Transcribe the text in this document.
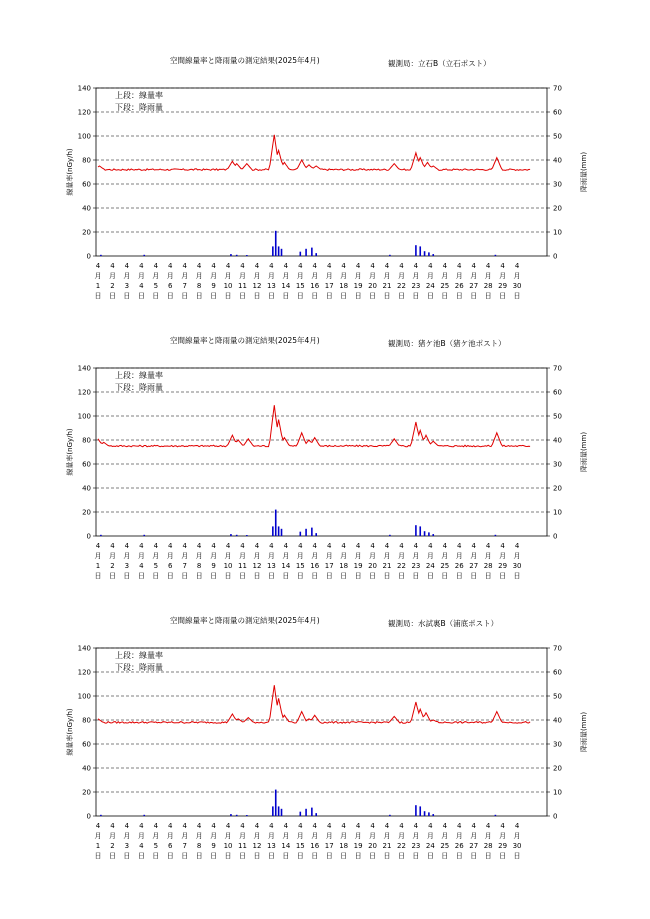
空間線量率と降雨量の測定結果(2025年4月)	観測局：立石B（立石ポスト）
0	0
20	10
40	20
60	30
80	40
100	50
120	60
140	70
上段：線量率
下段：降雨量
線量率(nGy/h)	降雨量(mm)
4
月
1
日
4
月
2
日
4
月
3
日
4
月
4
日
4
月
5
日
4
月
6
日
4
月
7
日
4
月
8
日
4
月
9
日
4
月
10
日
4
月
11
日
4
月
12
日
4
月
13
日
4
月
14
日
4
月
15
日
4
月
16
日
4
月
17
日
4
月
18
日
4
月
19
日
4
月
20
日
4
月
21
日
4
月
22
日
4
月
23
日
4
月
24
日
4
月
25
日
4
月
26
日
4
月
27
日
4
月
28
日
4
月
29
日
4
月
30
日
空間線量率と降雨量の測定結果(2025年4月)	観測局：猪ケ池B（猪ケ池ポスト）
0	0
20	10
40	20
60	30
80	40
100	50
120	60
140	70
上段：線量率
下段：降雨量
線量率(nGy/h)	降雨量(mm)
4
月
1
日
4
月
2
日
4
月
3
日
4
月
4
日
4
月
5
日
4
月
6
日
4
月
7
日
4
月
8
日
4
月
9
日
4
月
10
日
4
月
11
日
4
月
12
日
4
月
13
日
4
月
14
日
4
月
15
日
4
月
16
日
4
月
17
日
4
月
18
日
4
月
19
日
4
月
20
日
4
月
21
日
4
月
22
日
4
月
23
日
4
月
24
日
4
月
25
日
4
月
26
日
4
月
27
日
4
月
28
日
4
月
29
日
4
月
30
日
空間線量率と降雨量の測定結果(2025年4月)	観測局：水試裏B（浦底ポスト）
0	0
20	10
40	20
60	30
80	40
100	50
120	60
140	70
上段：線量率
下段：降雨量
線量率(nGy/h)	降雨量(mm)
4
月
1
日
4
月
2
日
4
月
3
日
4
月
4
日
4
月
5
日
4
月
6
日
4
月
7
日
4
月
8
日
4
月
9
日
4
月
10
日
4
月
11
日
4
月
12
日
4
月
13
日
4
月
14
日
4
月
15
日
4
月
16
日
4
月
17
日
4
月
18
日
4
月
19
日
4
月
20
日
4
月
21
日
4
月
22
日
4
月
23
日
4
月
24
日
4
月
25
日
4
月
26
日
4
月
27
日
4
月
28
日
4
月
29
日
4
月
30
日
